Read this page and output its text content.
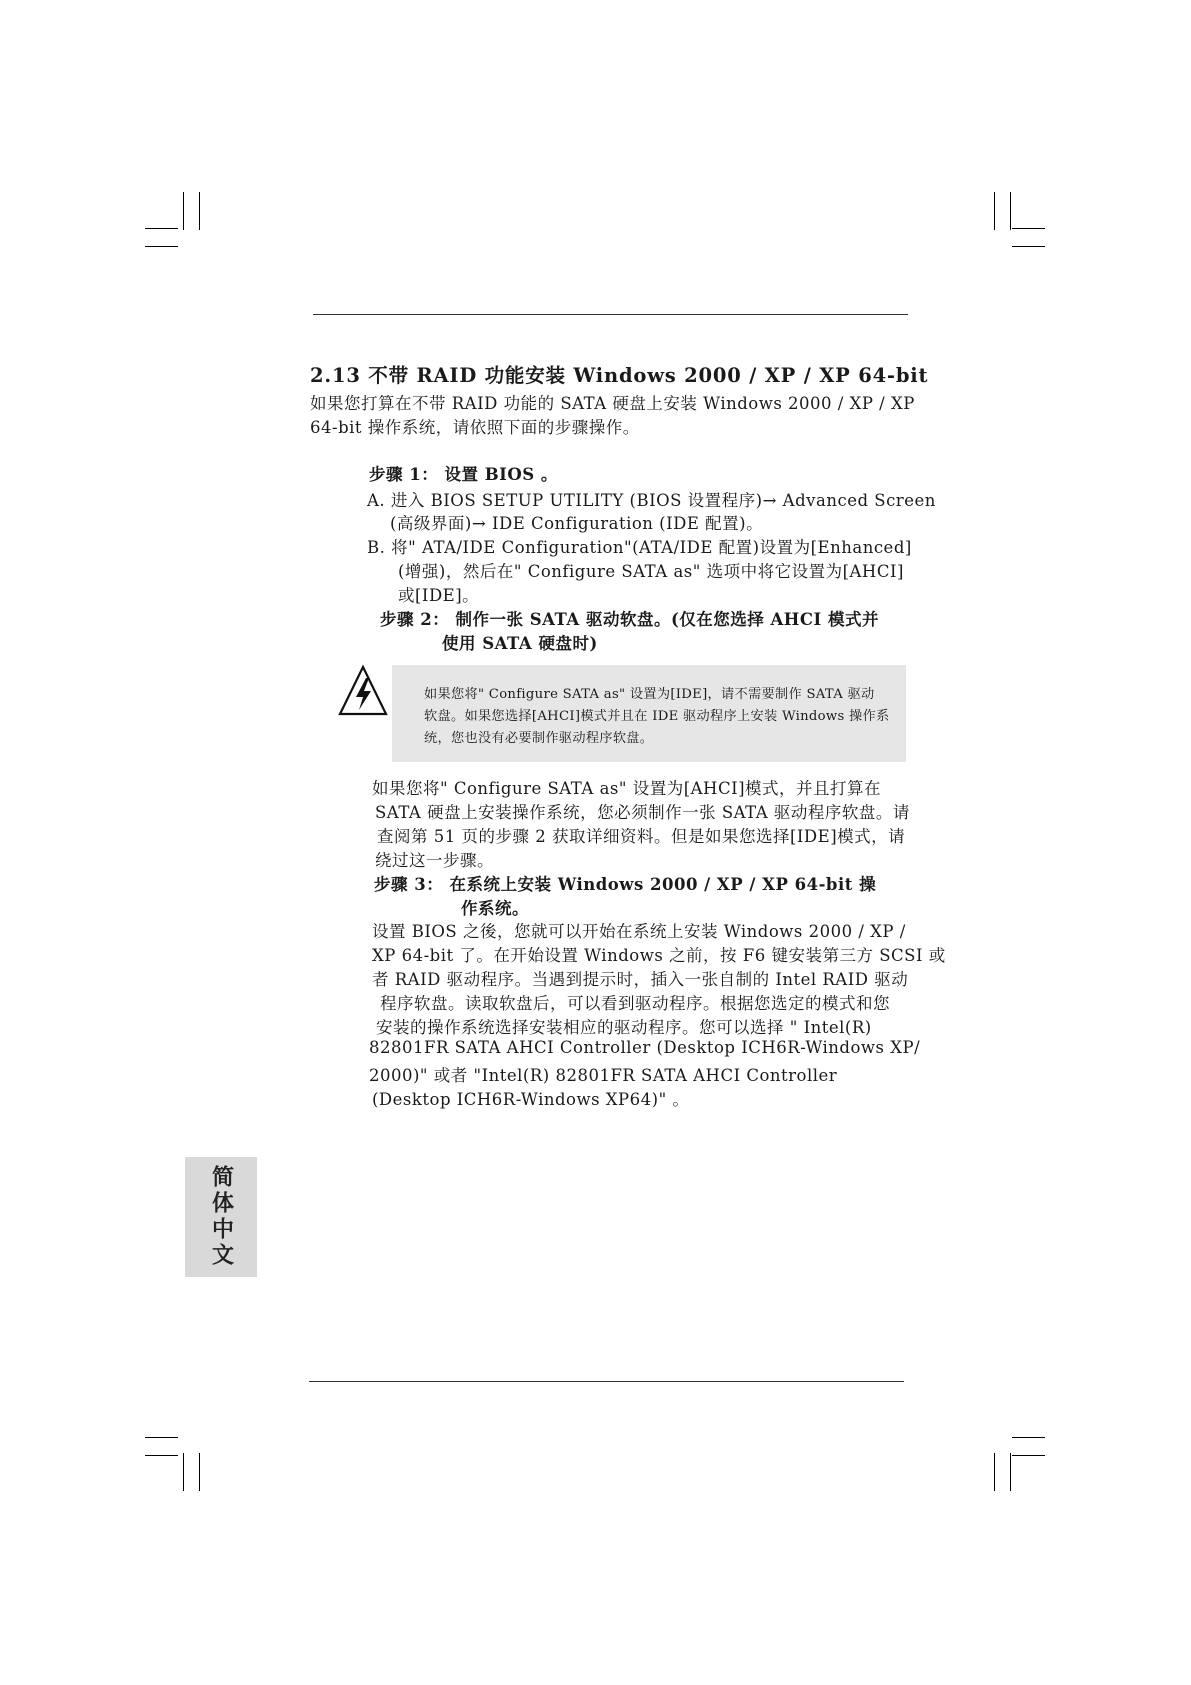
2.13 不带 RAID 功能安装 Windows 2000 / XP / XP 64-bit
如果您打算在不带 RAID 功能的 SATA 硬盘上安装 Windows 2000 / XP / XP
64-bit 操作系统，请依照下面的步骤操作。
步骤 1： 设置 BIOS 。
A. 进入 BIOS SETUP UTILITY (BIOS 设置程序)→ Advanced Screen
(高级界面)→ IDE Configuration (IDE 配置)。
B. 将" ATA/IDE Configuration"(ATA/IDE 配置)设置为[Enhanced]
(增强)，然后在" Configure SATA as" 选项中将它设置为[AHCI]
或[IDE]。
步骤 2： 制作一张 SATA 驱动软盘。(仅在您选择 AHCI 模式并
使用 SATA 硬盘时)
如果您将" Configure SATA as" 设置为[IDE]，请不需要制作 SATA 驱动
软盘。如果您选择[AHCI]模式并且在 IDE 驱动程序上安装 Windows 操作系
统，您也没有必要制作驱动程序软盘。
如果您将" Configure SATA as" 设置为[AHCI]模式，并且打算在
SATA 硬盘上安装操作系统，您必须制作一张 SATA 驱动程序软盘。请
查阅第 51 页的步骤 2 获取详细资料。但是如果您选择[IDE]模式，请
绕过这一步骤。
步骤 3： 在系统上安装 Windows 2000 / XP / XP 64-bit 操
作系统。
设置 BIOS 之後，您就可以开始在系统上安装 Windows 2000 / XP /
XP 64-bit 了。在开始设置 Windows 之前，按 F6 键安装第三方 SCSI 或
者 RAID 驱动程序。当遇到提示时，插入一张自制的 Intel RAID 驱动
程序软盘。读取软盘后，可以看到驱动程序。根据您选定的模式和您
安装的操作系统选择安装相应的驱动程序。您可以选择 " Intel(R)
82801FR SATA AHCI Controller (Desktop ICH6R-Windows XP/
2000)" 或者 "Intel(R) 82801FR SATA AHCI Controller
(Desktop ICH6R-Windows XP64)" 。
简体中文
